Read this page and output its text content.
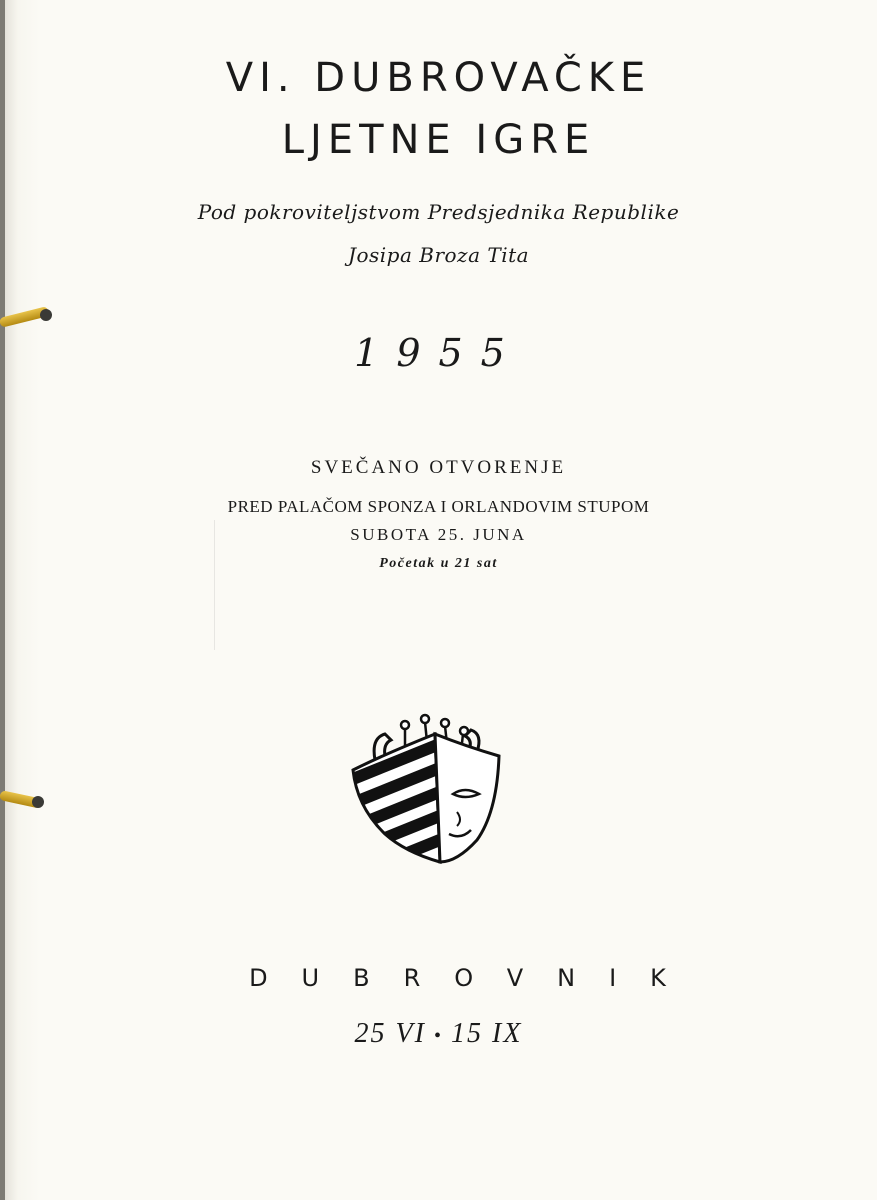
VI. DUBROVAČKE
LJETNE IGRE
Pod pokroviteljstvom Predsjednika Republike
Josipa Broza Tita
1955
SVEČANO OTVORENJE
PRED PALAČOM SPONZA I ORLANDOVIM STUPOM
SUBOTA 25. JUNA
Početak u 21 sat
DUBROVNIK
25 VI • 15 IX
